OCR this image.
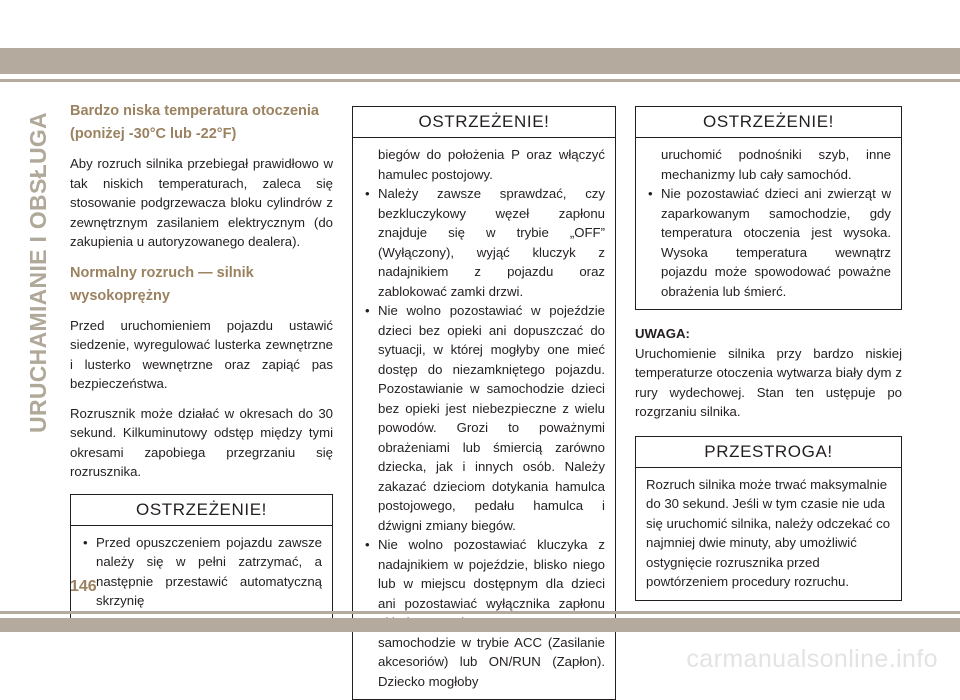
URUCHAMIANIE I OBSŁUGA
Bardzo niska temperatura otoczenia (poniżej -30°C lub -22°F)

Aby rozruch silnika przebiegał prawidłowo w tak niskich temperaturach, zaleca się stosowanie podgrzewacza bloku cylindrów z zewnętrznym zasilaniem elektrycznym (do zakupienia u autoryzowanego dealera).

Normalny rozruch — silnik wysokoprężny

Przed uruchomieniem pojazdu ustawić siedzenie, wyregulować lusterka zewnętrzne i lusterko wewnętrzne oraz zapiąć pas bezpieczeństwa.

Rozrusznik może działać w okresach do 30 sekund. Kilkuminutowy odstęp między tymi okresami zapobiega przegrzaniu się rozrusznika.

OSTRZEŻENIE!
• Przed opuszczeniem pojazdu zawsze należy się w pełni zatrzymać, a następnie przestawić automatyczną skrzynię
OSTRZEŻENIE!
biegów do położenia P oraz włączyć hamulec postojowy.
• Należy zawsze sprawdzać, czy bezkluczykowy węzeł zapłonu znajduje się w trybie „OFF” (Wyłączony), wyjąć kluczyk z nadajnikiem z pojazdu oraz zablokować zamki drzwi.
• Nie wolno pozostawiać w pojeździe dzieci bez opieki ani dopuszczać do sytuacji, w której mogłyby one mieć dostęp do niezamkniętego pojazdu. Pozostawianie w samochodzie dzieci bez opieki jest niebezpieczne z wielu powodów. Grozi to poważnymi obrażeniami lub śmiercią zarówno dziecka, jak i innych osób. Należy zakazać dzieciom dotykania hamulca postojowego, pedału hamulca i dźwigni zmiany biegów.
• Nie wolno pozostawiać kluczyka z nadajnikiem w pojeździe, blisko niego lub w miejscu dostępnym dla dzieci ani pozostawiać wyłącznika zapłonu samochodzie w trybie ACC (Zasilanie akcesoriów) lub ON/RUN (Zapłon). Dziecko mogłoby
OSTRZEŻENIE!
uruchomić podnośniki szyb, inne mechanizmy lub cały samochód.
• Nie pozostawiać dzieci ani zwierząt w zaparkowanym samochodzie, gdy temperatura otoczenia jest wysoka. Wysoka temperatura wewnątrz pojazdu może spowodować poważne obrażenia lub śmierć.
UWAGA:

Uruchomienie silnika przy bardzo niskiej temperaturze otoczenia wytwarza biały dym z rury wydechowej. Stan ten ustępuje po rozgrzaniu silnika.

PRZESTROGA!
Rozruch silnika może trwać maksymalnie do 30 sekund. Jeśli w tym czasie nie uda się uruchomić silnika, należy odczekać co najmniej dwie minuty, aby umożliwić ostygnięcie rozrusznika przed powtórzeniem procedury rozruchu.
146
carmanualsonline.info
